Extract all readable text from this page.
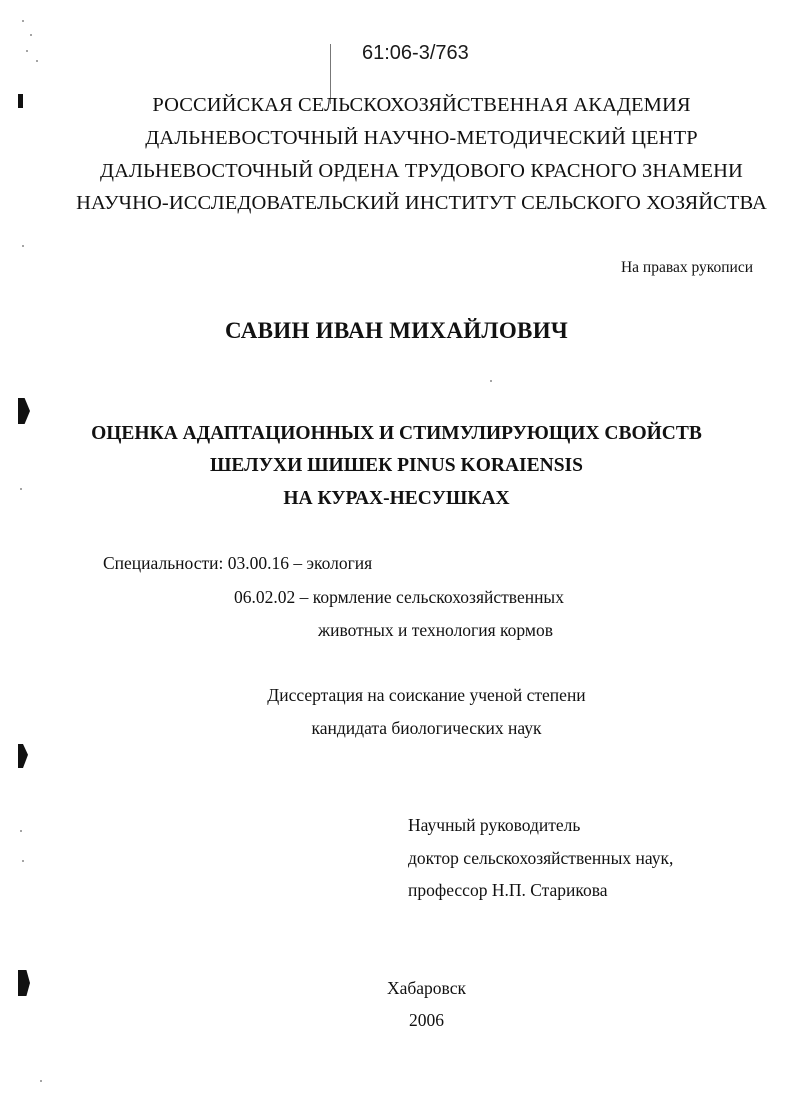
61:06-3/763
РОССИЙСКАЯ СЕЛЬСКОХОЗЯЙСТВЕННАЯ АКАДЕМИЯ
ДАЛЬНЕВОСТОЧНЫЙ НАУЧНО-МЕТОДИЧЕСКИЙ ЦЕНТР
ДАЛЬНЕВОСТОЧНЫЙ ОРДЕНА ТРУДОВОГО КРАСНОГО ЗНАМЕНИ
НАУЧНО-ИССЛЕДОВАТЕЛЬСКИЙ ИНСТИТУТ СЕЛЬСКОГО ХОЗЯЙСТВА
На правах рукописи
САВИН ИВАН МИХАЙЛОВИЧ
ОЦЕНКА АДАПТАЦИОННЫХ И СТИМУЛИРУЮЩИХ СВОЙСТВ
ШЕЛУХИ ШИШЕК PINUS KORAIENSIS
НА КУРАХ-НЕСУШКАХ
Специальности: 03.00.16 – экология
06.02.02 – кормление сельскохозяйственных
животных и технология кормов
Диссертация на соискание ученой степени
кандидата биологических наук
Научный руководитель
доктор сельскохозяйственных наук,
профессор Н.П. Старикова
Хабаровск
2006
